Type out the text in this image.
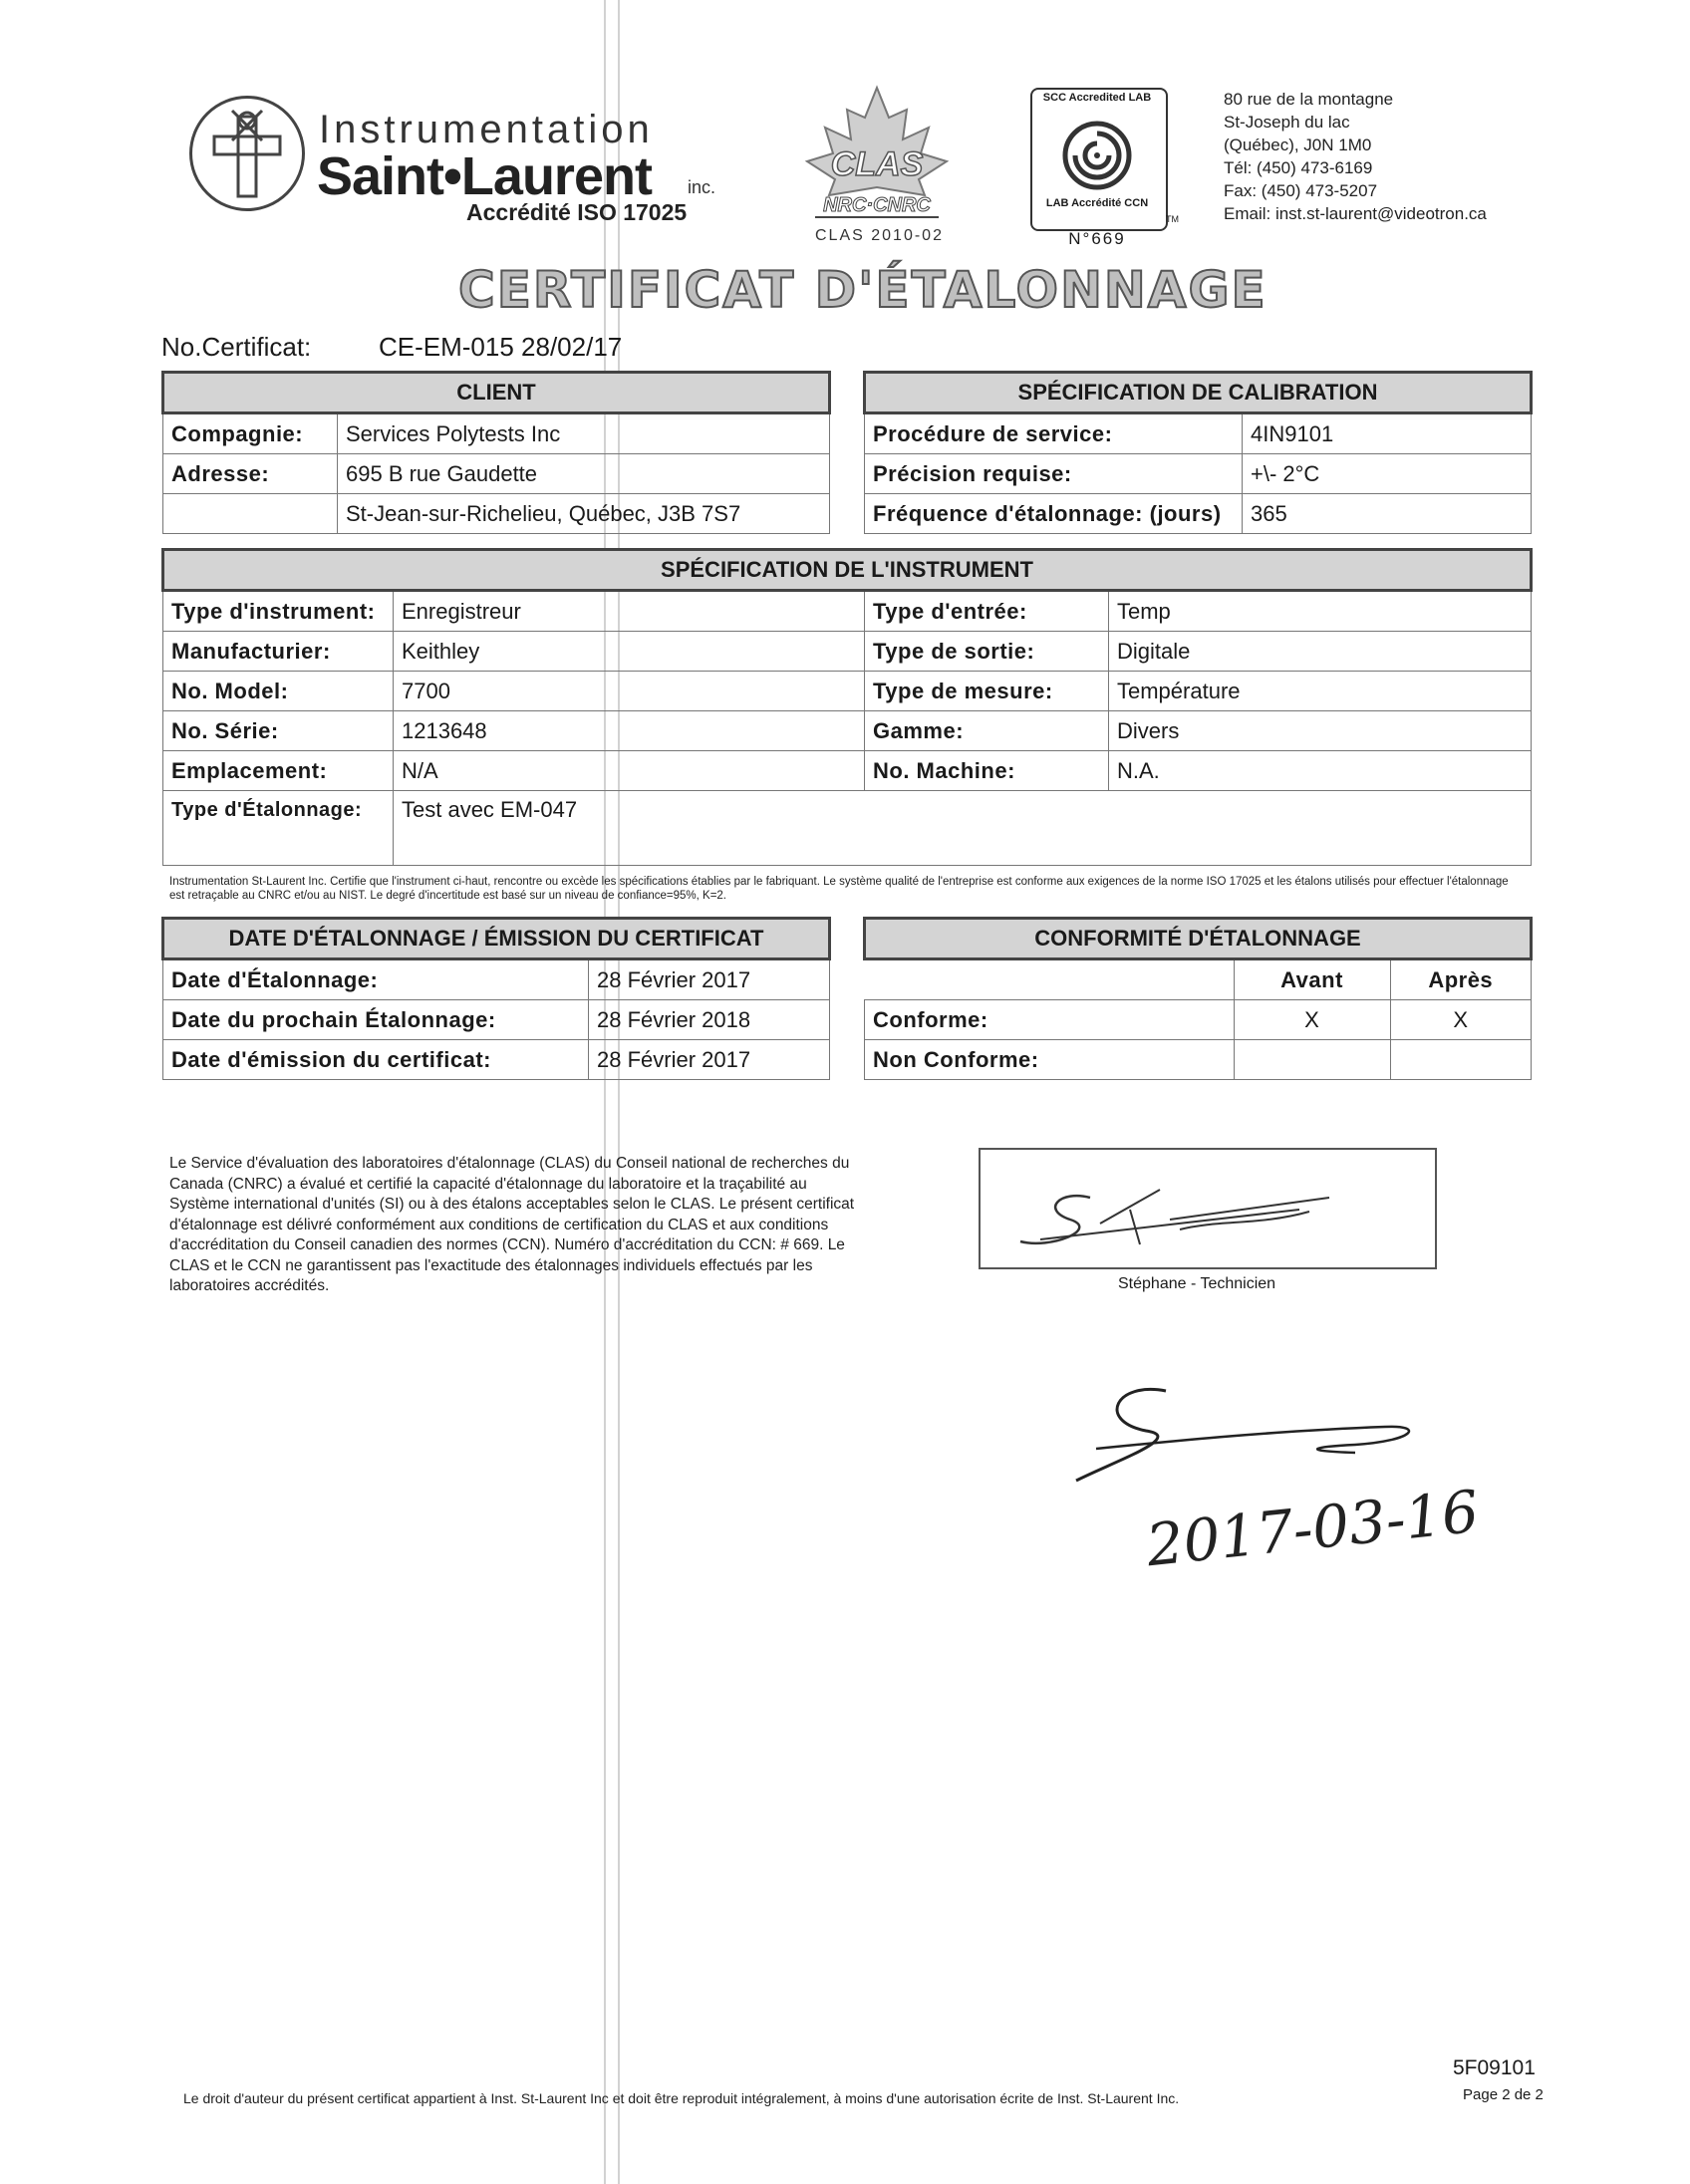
Instrumentation
Saint•Laurent inc.
Accrédité ISO 17025
CLAS
NRC·CNRC
CLAS 2010-02
SCC Accredited LAB
LAB Accrédité CCN
N°669
TM
80 rue de la montagne
St-Joseph du lac
(Québec), J0N 1M0
Tél: (450) 473-6169
Fax: (450) 473-5207
Email: inst.st-laurent@videotron.ca
CERTIFICAT D'ÉTALONNAGE
No.Certificat:	CE-EM-015 28/02/17
CLIENT	
Compagnie:	Services Polytests Inc
Adresse:	695 B rue Gaudette
	St-Jean-sur-Richelieu, Québec, J3B 7S7
SPÉCIFICATION DE CALIBRATION	
Procédure de service:	4IN9101
Précision requise:	+\- 2°C
Fréquence d'étalonnage: (jours)	365
SPÉCIFICATION DE L'INSTRUMENT			
Type d'instrument:	Enregistreur	Type d'entrée:	Temp
Manufacturier:	Keithley	Type de sortie:	Digitale
No. Model:	7700	Type de mesure:	Température
No. Série:	1213648	Gamme:	Divers
Emplacement:	N/A	No. Machine:	N.A.
Type d'Étalonnage:	Test avec EM-047		
Instrumentation St-Laurent Inc. Certifie que l'instrument ci-haut, rencontre ou excède les spécifications établies par le fabriquant. Le système qualité de l'entreprise est conforme aux exigences de la norme ISO 17025 et les étalons utilisés pour effectuer l'étalonnage est retraçable au CNRC et/ou au NIST. Le degré d'incertitude est basé sur un niveau de confiance=95%, K=2.
DATE D'ÉTALONNAGE / ÉMISSION DU CERTIFICAT	
Date d'Étalonnage:	28 Février 2017
Date du prochain Étalonnage:	28 Février 2018
Date d'émission du certificat:	28 Février 2017
CONFORMITÉ D'ÉTALONNAGE		
	Avant	Après
Conforme:	X	X
Non Conforme:		
Le Service d'évaluation des laboratoires d'étalonnage (CLAS) du Conseil national de recherches du Canada (CNRC) a évalué et certifié la capacité d'étalonnage du laboratoire et la traçabilité au Système international d'unités (SI) ou à des étalons acceptables selon le CLAS. Le présent certificat d'étalonnage est délivré conformément aux conditions de certification du CLAS et aux conditions d'accréditation du Conseil canadien des normes (CCN). Numéro d'accréditation du CCN: # 669. Le CLAS et le CCN ne garantissent pas l'exactitude des étalonnages individuels effectués par les laboratoires accrédités.	Stéphane - Technicien
2017-03-16
5F09101
Page 2 de 2
Le droit d'auteur du présent certificat appartient à Inst. St-Laurent Inc et doit être reproduit intégralement, à moins d'une autorisation écrite de Inst. St-Laurent Inc.
